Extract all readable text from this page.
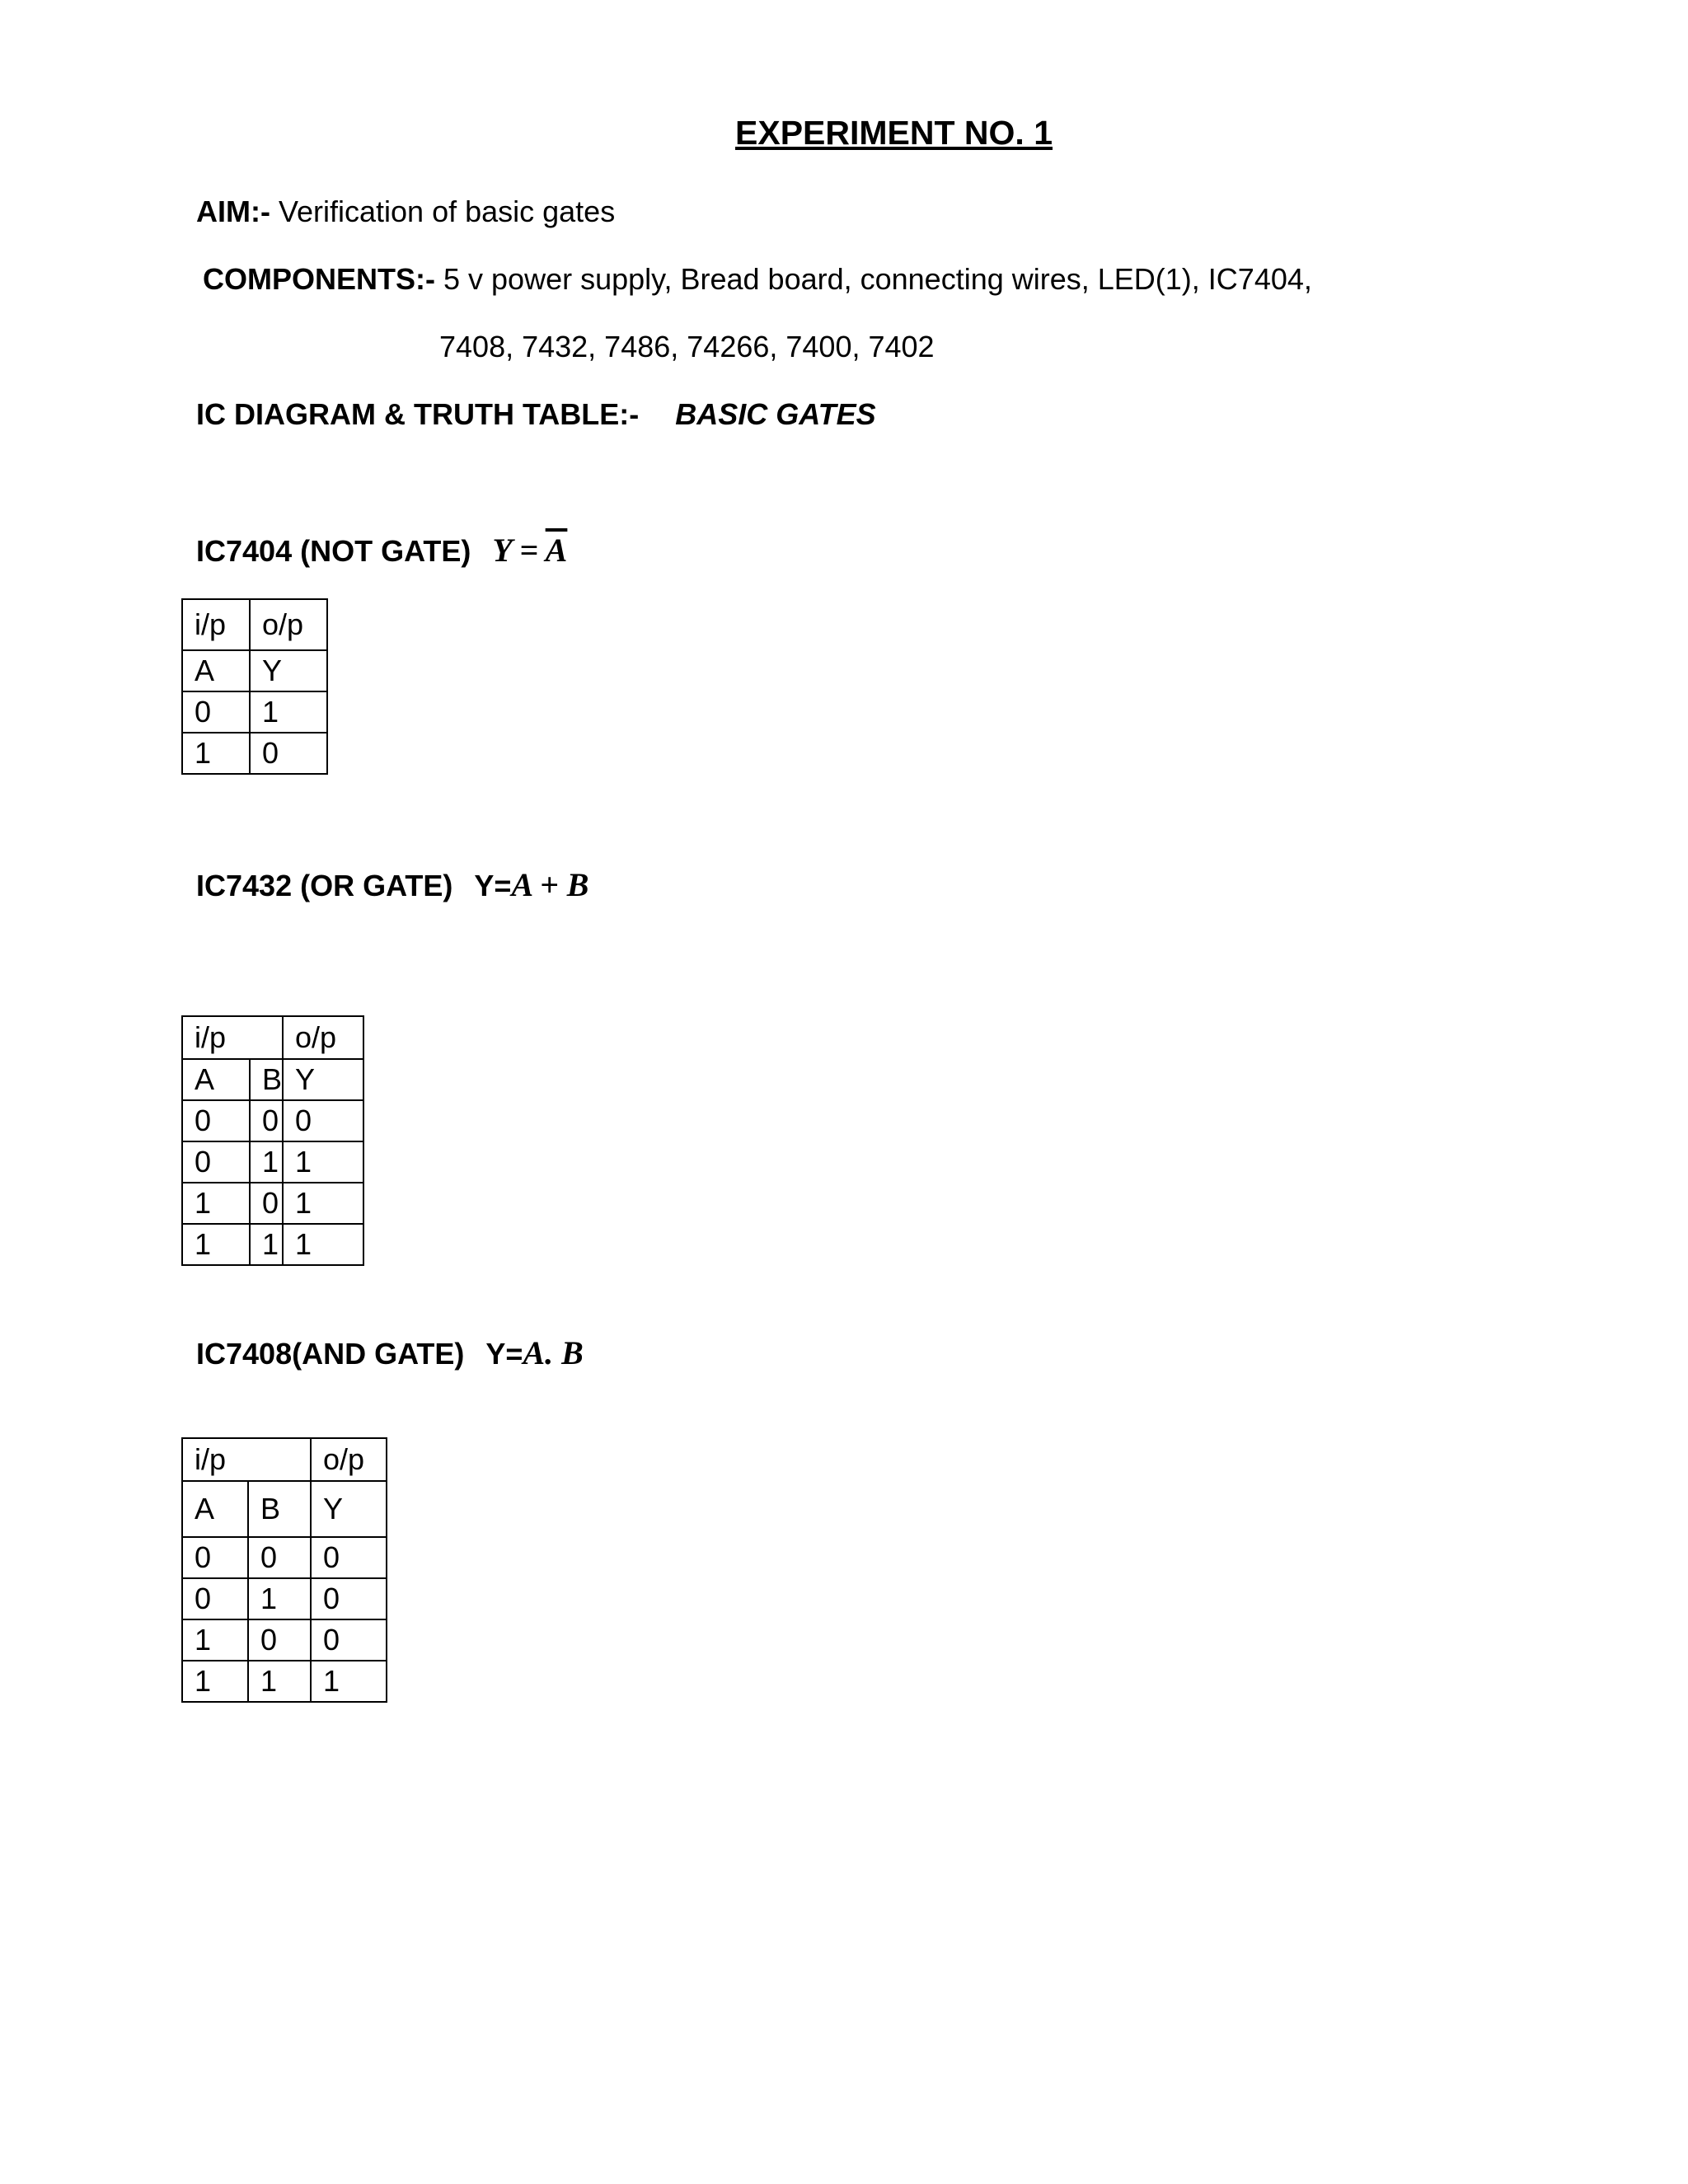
EXPERIMENT NO. 1
AIM:- Verification of basic gates
COMPONENTS:- 5 v power supply, Bread board, connecting wires, LED(1), IC7404,
7408, 7432, 7486, 74266, 7400, 7402
IC DIAGRAM & TRUTH TABLE:- BASIC GATES
IC7404 (NOT GATE) $Y = \overline{A}$
i/p	o/p
A	Y
0	1
1	0
IC7432 (OR GATE) Y=A + B
i/p		o/p
A	B	Y
0	0	0
0	1	1
1	0	1
1	1	1
IC7408(AND GATE) Y=A. B
i/p		o/p
A	B	Y
0	0	0
0	1	0
1	0	0
1	1	1
